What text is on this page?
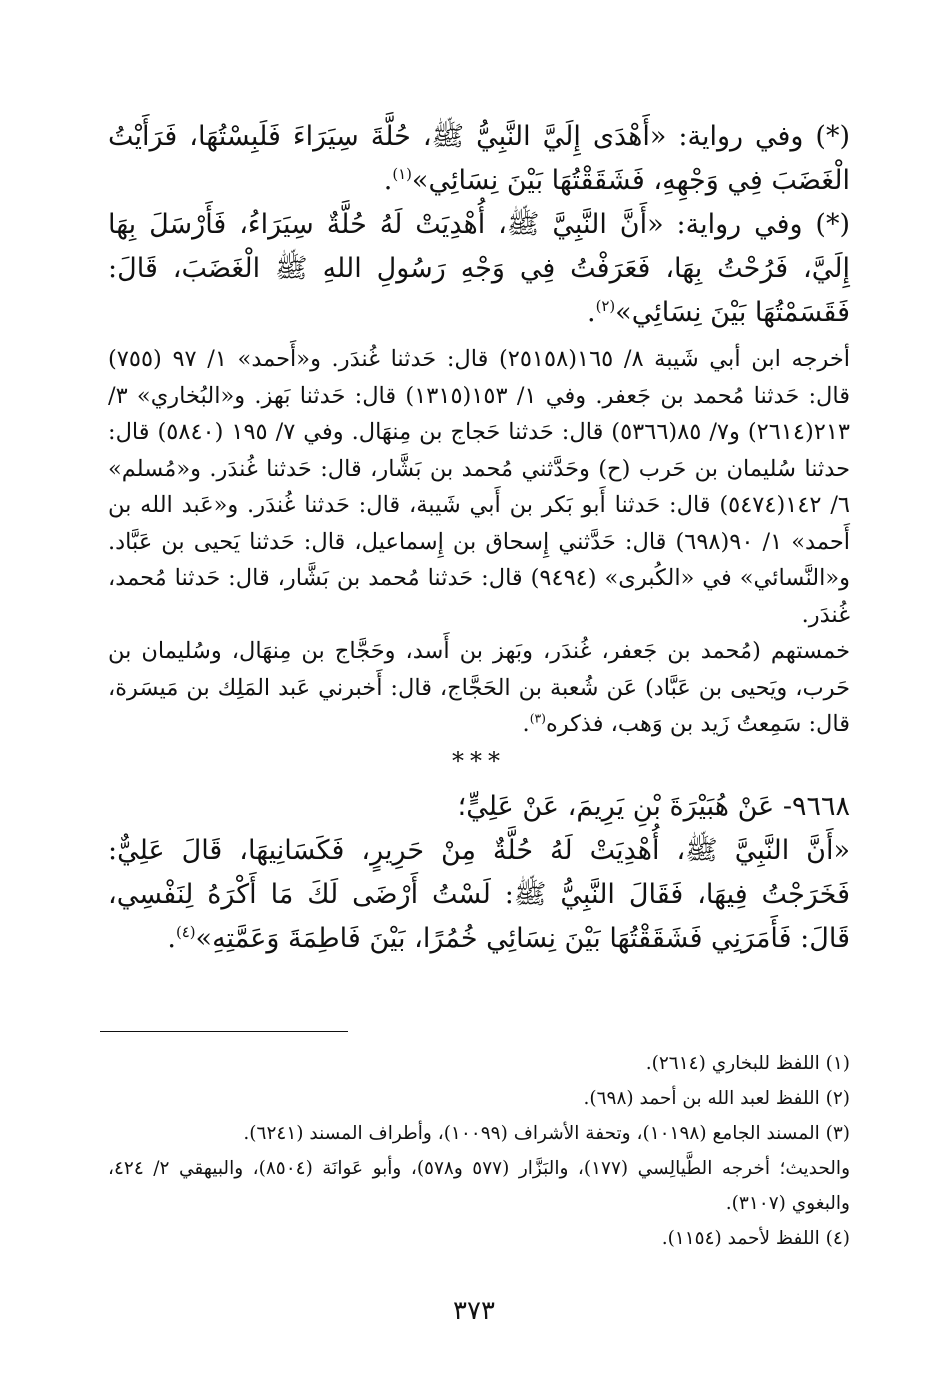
(*) وفي رواية: «أَهْدَى إِلَيَّ النَّبِيُّ ﷺ، حُلَّةَ سِيَرَاءَ فَلَبِسْتُهَا، فَرَأَيْتُ الْغَضَبَ فِي وَجْهِهِ، فَشَقَقْتُهَا بَيْنَ نِسَائِي»$^{(١)}$.

(*) وفي رواية: «أَنَّ النَّبِيَّ ﷺ، أُهْدِيَتْ لَهُ حُلَّةٌ سِيَرَاءُ، فَأَرْسَلَ بِهَا إِلَيَّ، فَرُحْتُ بِهَا، فَعَرَفْتُ فِي وَجْهِ رَسُولِ اللهِ ﷺ الْغَضَبَ، قَالَ: فَقَسَمْتُهَا بَيْنَ نِسَائِي»$^{(٢)}$.

أخرجه ابن أبي شَيبة ٨/ ١٦٥(٢٥١٥٨) قال: حَدثنا غُندَر. و«أَحمد» ١/ ٩٧ (٧٥٥) قال: حَدثنا مُحمد بن جَعفر. وفي ١/ ١٥٣(١٣١٥) قال: حَدثنا بَهز. و«البُخاري» ٣/ ٢١٣(٢٦١٤) و٧/ ٨٥(٥٣٦٦) قال: حَدثنا حَجاج بن مِنهَال. وفي ٧/ ١٩٥ (٥٨٤٠) قال: حدثنا سُليمان بن حَرب (ح) وحَدَّثني مُحمد بن بَشَّار، قال: حَدثنا غُندَر. و«مُسلم» ٦/ ١٤٢(٥٤٧٤) قال: حَدثنا أَبو بَكر بن أَبي شَيبة، قال: حَدثنا غُندَر. و«عَبد الله بن أَحمد» ١/ ٩٠(٦٩٨) قال: حَدَّثني إِسحاق بن إِسماعيل، قال: حَدثنا يَحيى بن عَبَّاد. و«النَّسائي» في «الكُبرى» (٩٤٩٤) قال: حَدثنا مُحمد بن بَشَّار، قال: حَدثنا مُحمد، غُندَر.

خمستهم (مُحمد بن جَعفر، غُندَر، وبَهز بن أَسد، وحَجَّاج بن مِنهَال، وسُليمان بن حَرب، ويَحيى بن عَبَّاد) عَن شُعبة بن الحَجَّاج، قال: أَخبرني عَبد المَلِك بن مَيسَرة، قال: سَمِعتُ زَيد بن وَهب، فذكره$^{(٣)}$.

***

٩٦٦٨- عَنْ هُبَيْرَةَ بْنِ يَرِيمَ، عَنْ عَلِيٍّ؛

«أَنَّ النَّبِيَّ ﷺ، أُهْدِيَتْ لَهُ حُلَّةٌ مِنْ حَرِيرٍ، فَكَسَانِيهَا، قَالَ عَلِيٌّ: فَخَرَجْتُ فِيهَا، فَقَالَ النَّبِيُّ ﷺ: لَسْتُ أَرْضَى لَكَ مَا أَكْرَهُ لِنَفْسِي، قَالَ: فَأَمَرَنِي فَشَقَقْتُهَا بَيْنَ نِسَائِي خُمُرًا، بَيْنَ فَاطِمَةَ وَعَمَّتِهِ»$^{(٤)}$.

(١) اللفظ للبخاري (٢٦١٤).

(٢) اللفظ لعبد الله بن أحمد (٦٩٨).

(٣) المسند الجامع (١٠١٩٨)، وتحفة الأشراف (١٠٠٩٩)، وأطراف المسند (٦٢٤١).

والحديث؛ أخرجه الطَّيالِسي (١٧٧)، والبَزَّار (٥٧٧ و٥٧٨)، وأبو عَوانَة (٨٥٠٤)، والبيهقي ٢/ ٤٢٤، والبغوي (٣١٠٧).

(٤) اللفظ لأحمد (١١٥٤).

٣٧٣
